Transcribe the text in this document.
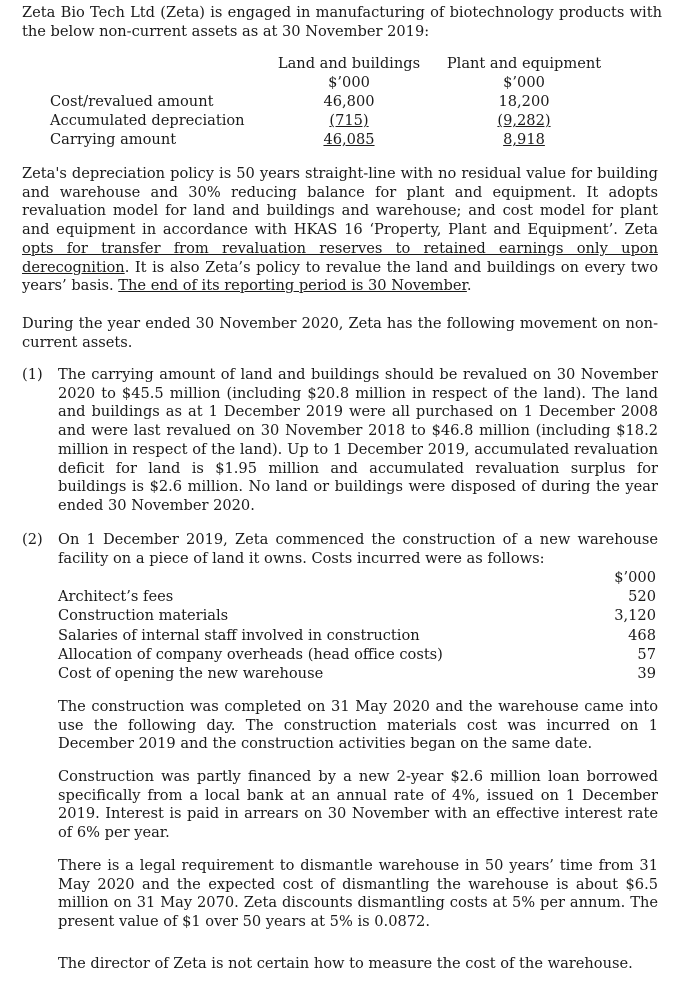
Zeta Bio Tech Ltd (Zeta) is engaged in manufacturing of biotechnology products with the below non-current assets as at 30 November 2019:

Land and buildings	Plant and equipment
$’000	$’000
Cost/revalued amount	46,800	18,200
Accumulated depreciation	(715)	(9,282)
Carrying amount	46,085	8,918

Zeta's depreciation policy is 50 years straight-line with no residual value for building and warehouse and 30% reducing balance for plant and equipment. It adopts revaluation model for land and buildings and warehouse; and cost model for plant and equipment in accordance with HKAS 16 ‘Property, Plant and Equipment’. Zeta opts for transfer from revaluation reserves to retained earnings only upon derecognition. It is also Zeta’s policy to revalue the land and buildings on every two years’ basis. The end of its reporting period is 30 November.

During the year ended 30 November 2020, Zeta has the following movement on non-current assets.

(1) The carrying amount of land and buildings should be revalued on 30 November 2020 to $45.5 million (including $20.8 million in respect of the land). The land and buildings as at 1 December 2019 were all purchased on 1 December 2008 and were last revalued on 30 November 2018 to $46.8 million (including $18.2 million in respect of the land). Up to 1 December 2019, accumulated revaluation deficit for land is $1.95 million and accumulated revaluation surplus for buildings is $2.6 million. No land or buildings were disposed of during the year ended 30 November 2020.

(2) On 1 December 2019, Zeta commenced the construction of a new warehouse facility on a piece of land it owns. Costs incurred were as follows:

$’000
Architect’s fees	520
Construction materials	3,120
Salaries of internal staff involved in construction	468
Allocation of company overheads (head office costs)	57
Cost of opening the new warehouse	39

The construction was completed on 31 May 2020 and the warehouse came into use the following day. The construction materials cost was incurred on 1 December 2019 and the construction activities began on the same date.

Construction was partly financed by a new 2-year $2.6 million loan borrowed specifically from a local bank at an annual rate of 4%, issued on 1 December 2019. Interest is paid in arrears on 30 November with an effective interest rate of 6% per year.

There is a legal requirement to dismantle warehouse in 50 years’ time from 31 May 2020 and the expected cost of dismantling the warehouse is about $6.5 million on 31 May 2070. Zeta discounts dismantling costs at 5% per annum. The present value of $1 over 50 years at 5% is 0.0872.

The director of Zeta is not certain how to measure the cost of the warehouse.
